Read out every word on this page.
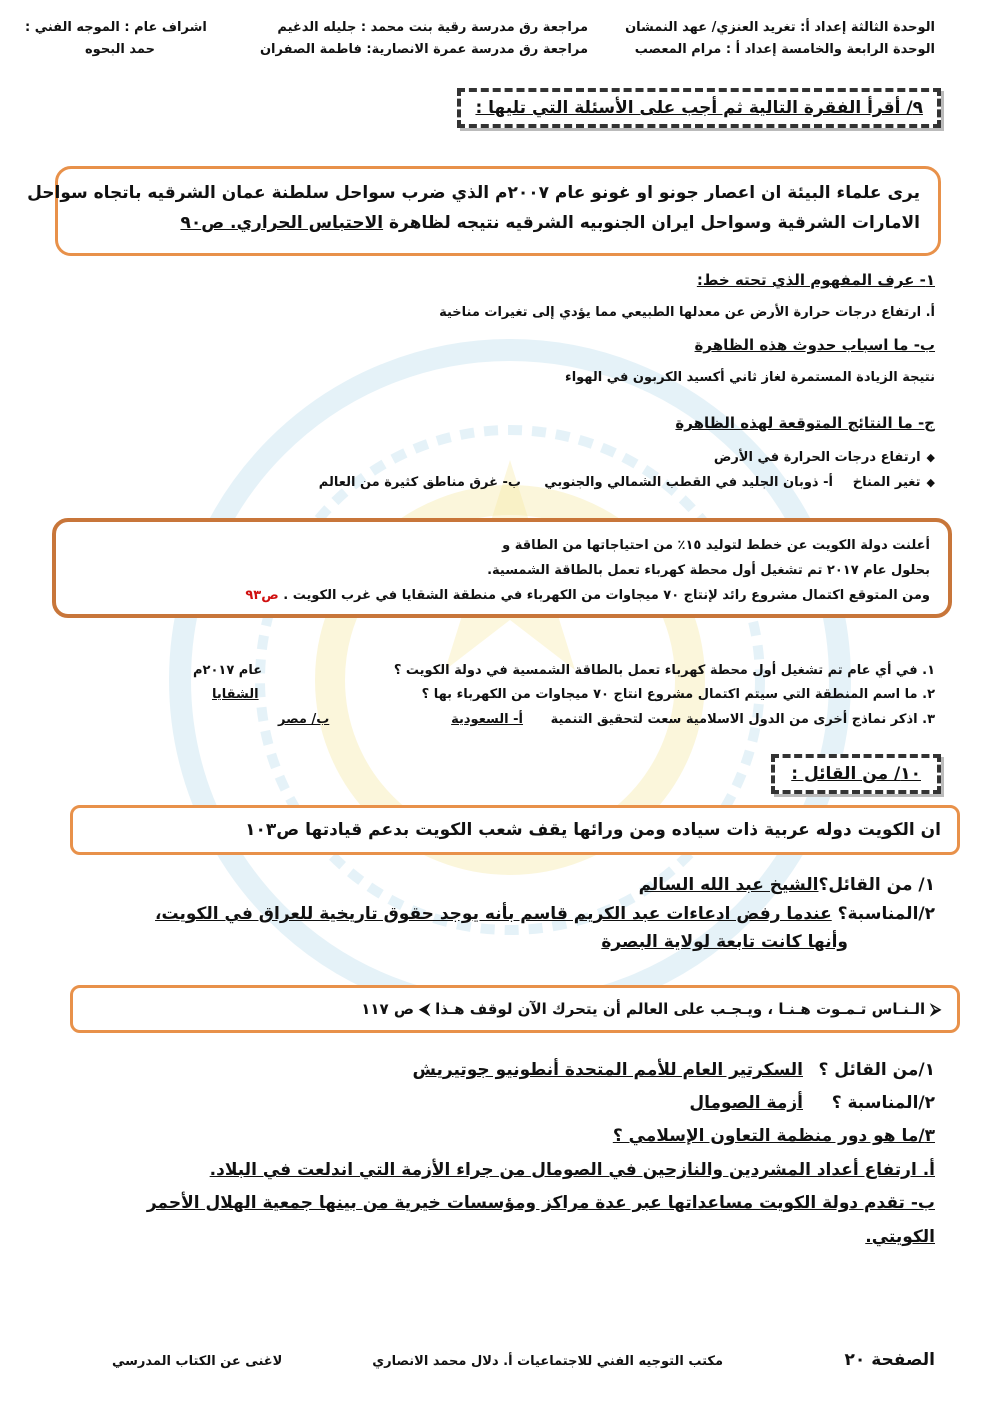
الوحدة الثالثة إعداد أ: تغريد العنزي/ عهد النمشان
مراجعة رق مدرسة رقية بنت محمد : جليله الدغيم
اشراف عام : الموجه الفني :
الوحدة الرابعة والخامسة إعداد أ : مرام المعصب
مراجعة رق مدرسة عمرة الانصارية: فاطمة الصفران
حمد البحوه
٩/ أقرأ الفقرة التالية ثم أجب على الأسئلة التي تليها :
يرى علماء البيئة ان اعصار جونو او غونو عام ٢٠٠٧م الذي ضرب سواحل سلطنة عمان الشرقيه باتجاه سواحل
الامارات الشرقية وسواحل ايران الجنوبيه الشرقيه نتيجه لظاهرة الاحتباس الحراري. ص٩٠
١- عرف المفهوم الذي تحته خط:
أ. ارتفاع درجات حرارة الأرض عن معدلها الطبيعي مما يؤدي إلى تغيرات مناخية
ب- ما اسباب حدوث هذه الظاهرة
نتيجة الزيادة المستمرة لغاز ثاني أكسيد الكربون في الهواء
ج- ما النتائج المتوقعة لهذه الظاهرة
◆ ارتفاع درجات الحرارة في الأرض
◆ تغير المناخ
أ- ذوبان الجليد في القطب الشمالي والجنوبي
ب- غرق مناطق كثيرة من العالم
أعلنت دولة الكويت عن خطط لتوليد ١٥٪ من احتياجاتها من الطاقة و
بحلول عام ٢٠١٧ تم تشغيل أول محطة كهرباء تعمل بالطاقة الشمسية.
ومن المتوقع اكتمال مشروع رائد لإنتاج ٧٠ ميجاوات من الكهرباء في منطقة الشقايا في غرب الكويت . ص٩٣
١. في أي عام تم تشغيل أول محطة كهرباء تعمل بالطاقة الشمسية في دولة الكويت ؟
عام ٢٠١٧م
٢. ما اسم المنطقة التي سيتم اكتمال مشروع انتاج ٧٠ ميجاوات من الكهرباء بها ؟
الشقايا
٣. اذكر نماذج أخرى من الدول الاسلامية سعت لتحقيق التنمية
أ- السعودية
ب/ مصر
١٠/ من القائل :
ان الكويت دوله عربية ذات سياده ومن ورائها يقف شعب الكويت بدعم قيادتها ص١٠٣
١/ من القائل؟الشيخ عبد الله السالم
٢/المناسبة؟ عندما رفض ادعاءات عبد الكريم قاسم بأنه يوجد حقوق تاريخية للعراق في الكويت،
وأنها كانت تابعة لولاية البصرة
⮚ الـنـاس تـمـوت هـنـا ، ويـجـب على العالم أن يتحرك الآن لوقف هـذا ⮜ ص ١١٧
١/من القائل ؟
السكرتير العام للأمم المتحدة أنطونيو جوتيريش
٢/المناسبة ؟
أزمة الصومال
٣/ما هو دور منظمة التعاون الإسلامي ؟
أ. ارتفاع أعداد المشردين والنازحين في الصومال من جراء الأزمة التي اندلعت في البلاد.
ب- تقدم دولة الكويت مساعداتها عبر عدة مراكز ومؤسسات خيرية من بينها جمعية الهلال الأحمر
الكويتي.
الصفحة ٢٠
مكتب التوجيه الفني للاجتماعيات أ. دلال محمد الانصاري
لاغنى عن الكتاب المدرسي
